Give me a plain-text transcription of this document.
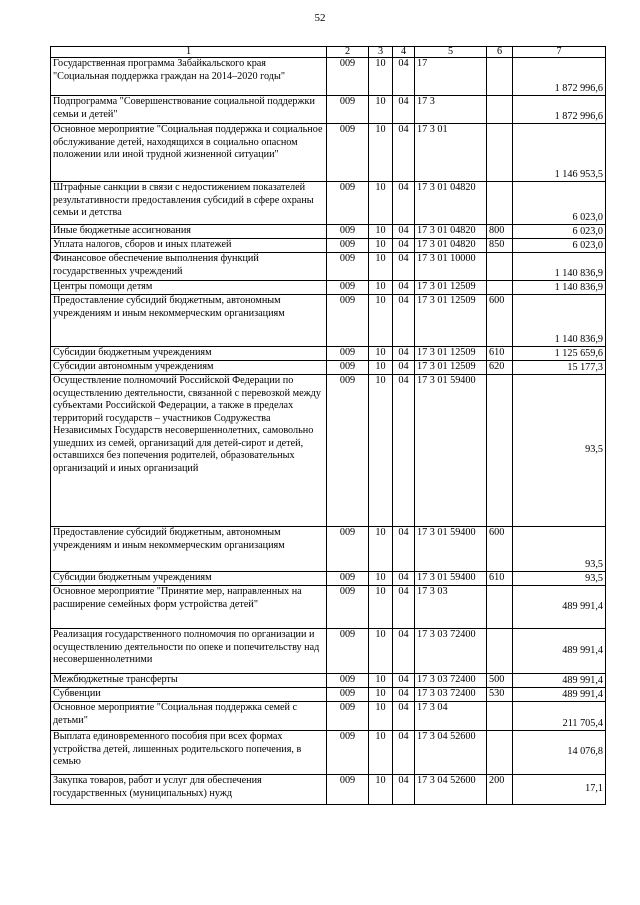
52
1	2	3	4	5	6	7
Государственная программа Забайкальского края "Социальная поддержка граждан на 2014–2020 годы"	009	10	04	17		1 872 996,6
Подпрограмма "Совершенствование социальной поддержки семьи и детей"	009	10	04	17 3		1 872 996,6
Основное мероприятие "Социальная поддержка и социальное обслуживание детей, находящихся в социально опасном положении или иной трудной жизненной ситуации"	009	10	04	17 3 01		1 146 953,5
Штрафные санкции в связи с недостижением показателей результативности предоставления субсидий в сфере охраны семьи и детства	009	10	04	17 3 01 04820		6 023,0
Иные бюджетные ассигнования	009	10	04	17 3 01 04820	800	6 023,0
Уплата налогов, сборов и иных платежей	009	10	04	17 3 01 04820	850	6 023,0
Финансовое обеспечение выполнения функций государственных учреждений	009	10	04	17 3 01 10000		1 140 836,9
Центры помощи детям	009	10	04	17 3 01 12509		1 140 836,9
Предоставление субсидий бюджетным, автономным учреждениям и иным некоммерческим организациям	009	10	04	17 3 01 12509	600	1 140 836,9
Субсидии бюджетным учреждениям	009	10	04	17 3 01 12509	610	1 125 659,6
Субсидии автономным учреждениям	009	10	04	17 3 01 12509	620	15 177,3
Осуществление полномочий Российской Федерации по осуществлению деятельности, связанной с перевозкой между субъектами Российской Федерации, а также в пределах территорий государств – участников Содружества Независимых Государств несовершеннолетних, самовольно ушедших из семей, организаций для детей-сирот и детей, оставшихся без попечения родителей, образовательных организаций и иных организаций	009	10	04	17 3 01 59400		93,5
Предоставление субсидий бюджетным, автономным учреждениям и иным некоммерческим организациям	009	10	04	17 3 01 59400	600	93,5
Субсидии бюджетным учреждениям	009	10	04	17 3 01 59400	610	93,5
Основное мероприятие "Принятие мер, направленных на расширение семейных форм устройства детей"	009	10	04	17 3 03		489 991,4
Реализация государственного полномочия по организации и осуществлению деятельности по опеке и попечительству над несовершеннолетними	009	10	04	17 3 03 72400		489 991,4
Межбюджетные трансферты	009	10	04	17 3 03 72400	500	489 991,4
Субвенции	009	10	04	17 3 03 72400	530	489 991,4
Основное мероприятие "Социальная поддержка семей с детьми"	009	10	04	17 3 04		211 705,4
Выплата единовременного пособия при всех формах устройства детей, лишенных родительского попечения, в семью	009	10	04	17 3 04 52600		14 076,8
Закупка товаров, работ и услуг для обеспечения государственных (муниципальных) нужд	009	10	04	17 3 04 52600	200	17,1
